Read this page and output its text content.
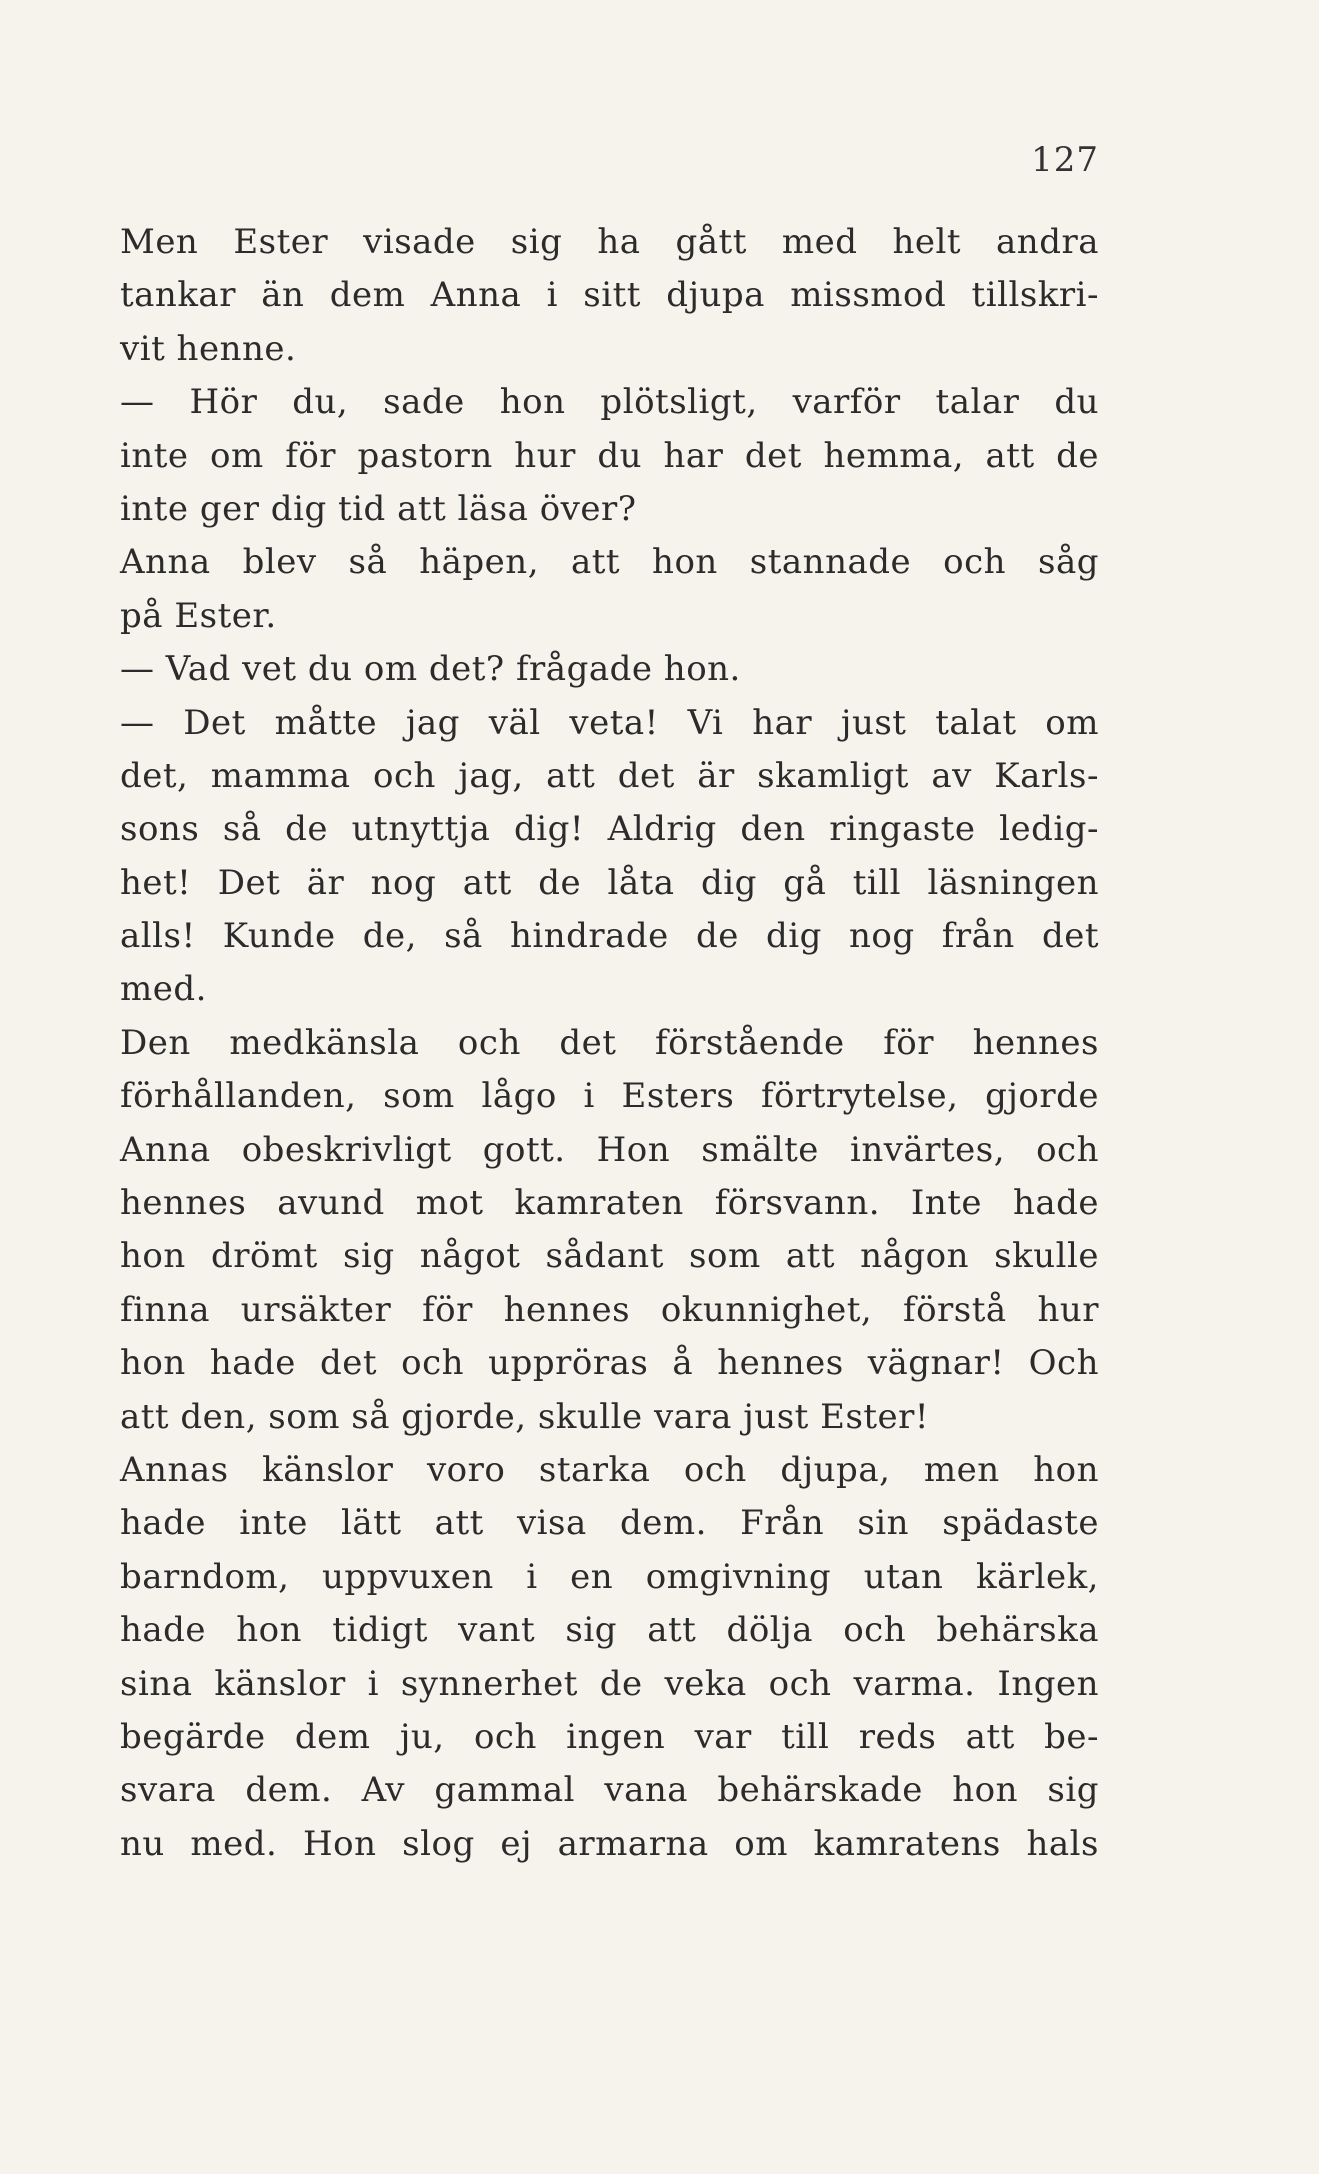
127
Men Ester visade sig ha gått med helt andra
tankar än dem Anna i sitt djupa missmod tillskri-
vit henne.
— Hör du, sade hon plötsligt, varför talar du
inte om för pastorn hur du har det hemma, att de
inte ger dig tid att läsa över?
Anna blev så häpen, att hon stannade och såg
på Ester.
— Vad vet du om det? frågade hon.
— Det måtte jag väl veta! Vi har just talat om
det, mamma och jag, att det är skamligt av Karls-
sons så de utnyttja dig! Aldrig den ringaste ledig-
het! Det är nog att de låta dig gå till läsningen
alls! Kunde de, så hindrade de dig nog från det
med.
Den medkänsla och det förstående för hennes
förhållanden, som lågo i Esters förtrytelse, gjorde
Anna obeskrivligt gott. Hon smälte invärtes, och
hennes avund mot kamraten försvann. Inte hade
hon drömt sig något sådant som att någon skulle
finna ursäkter för hennes okunnighet, förstå hur
hon hade det och uppröras å hennes vägnar! Och
att den, som så gjorde, skulle vara just Ester!
Annas känslor voro starka och djupa, men hon
hade inte lätt att visa dem. Från sin spädaste
barndom, uppvuxen i en omgivning utan kärlek,
hade hon tidigt vant sig att dölja och behärska
sina känslor i synnerhet de veka och varma. Ingen
begärde dem ju, och ingen var till reds att be-
svara dem. Av gammal vana behärskade hon sig
nu med. Hon slog ej armarna om kamratens hals
